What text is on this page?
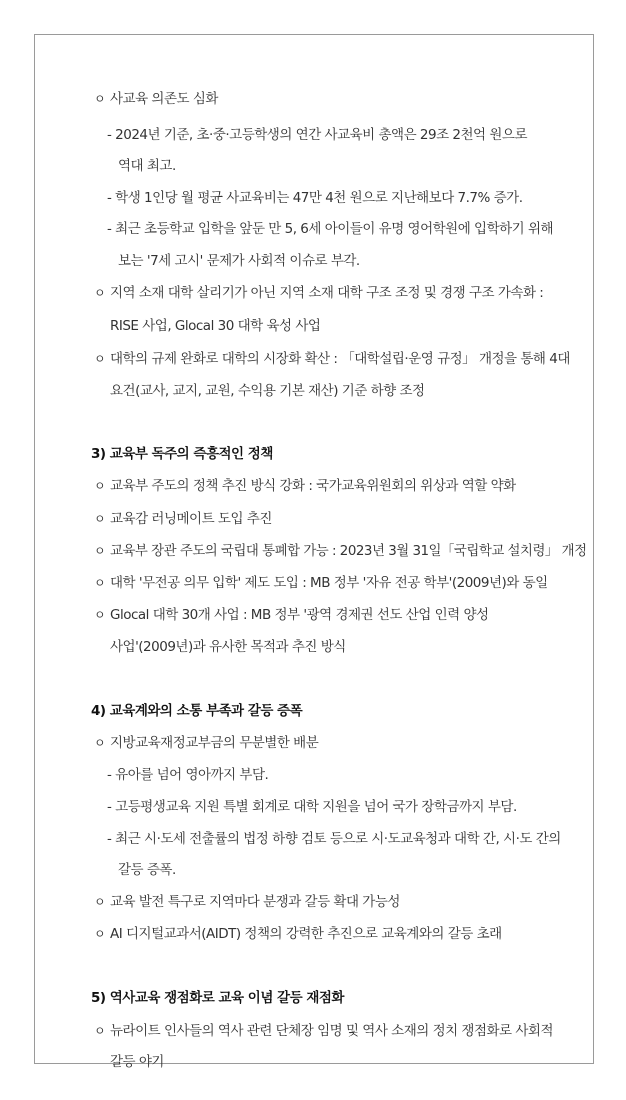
ㅇ 사교육 의존도 심화
- 2024년 기준, 초·중·고등학생의 연간 사교육비 총액은 29조 2천억 원으로
역대 최고.
- 학생 1인당 월 평균 사교육비는 47만 4천 원으로 지난해보다 7.7% 증가.
- 최근 초등학교 입학을 앞둔 만 5, 6세 아이들이 유명 영어학원에 입학하기 위해
보는 '7세 고시' 문제가 사회적 이슈로 부각.
ㅇ 지역 소재 대학 살리기가 아닌 지역 소재 대학 구조 조정 및 경쟁 구조 가속화 :
RISE 사업, Glocal 30 대학 육성 사업
ㅇ 대학의 규제 완화로 대학의 시장화 확산 : 「대학설립·운영 규정」 개정을 통해 4대
요건(교사, 교지, 교원, 수익용 기본 재산) 기준 하향 조정
3) 교육부 독주의 즉흥적인 정책
ㅇ 교육부 주도의 정책 추진 방식 강화 : 국가교육위원회의 위상과 역할 약화
ㅇ 교육감 러닝메이트 도입 추진
ㅇ 교육부 장관 주도의 국립대 통폐합 가능 : 2023년 3월 31일「국립학교 설치령」 개정
ㅇ 대학 '무전공 의무 입학' 제도 도입 : MB 정부 '자유 전공 학부'(2009년)와 동일
ㅇ Glocal 대학 30개 사업 : MB 정부 '광역 경제권 선도 산업 인력 양성
사업'(2009년)과 유사한 목적과 추진 방식
4) 교육계와의 소통 부족과 갈등 증폭
ㅇ 지방교육재정교부금의 무분별한 배분
- 유아를 넘어 영아까지 부담.
- 고등평생교육 지원 특별 회계로 대학 지원을 넘어 국가 장학금까지 부담.
- 최근 시·도세 전출률의 법정 하향 검토 등으로 시·도교육청과 대학 간, 시·도 간의
갈등 증폭.
ㅇ 교육 발전 특구로 지역마다 분쟁과 갈등 확대 가능성
ㅇ AI 디지털교과서(AIDT) 정책의 강력한 추진으로 교육계와의 갈등 초래
5) 역사교육 쟁점화로 교육 이념 갈등 재점화
ㅇ 뉴라이트 인사들의 역사 관련 단체장 임명 및 역사 소재의 정치 쟁점화로 사회적
갈등 야기
